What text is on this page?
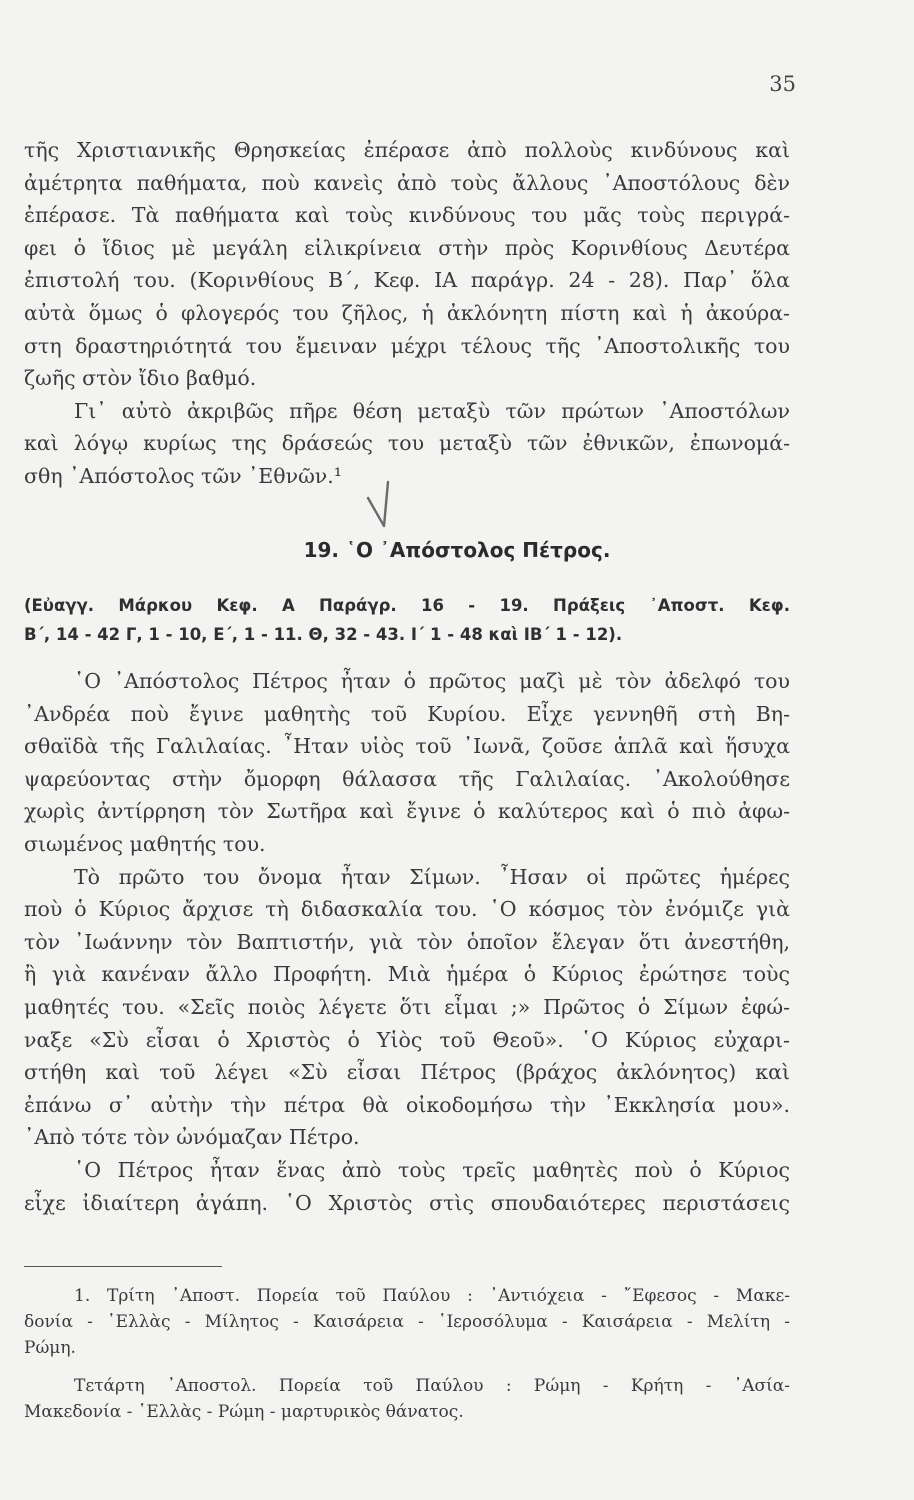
35
τῆς Χριστιανικῆς Θρησκείας ἐπέρασε ἀπὸ πολλοὺς κινδύνους καὶ
ἀμέτρητα παθήματα, ποὺ κανεὶς ἀπὸ τοὺς ἄλλους ᾿Αποστόλους δὲν
ἐπέρασε. Τὰ παθήματα καὶ τοὺς κινδύνους του μᾶς τοὺς περιγρά-
φει ὁ ἴδιος μὲ μεγάλη εἰλικρίνεια στὴν πρὸς Κορινθίους Δευτέρα
ἐπιστολή του. (Κορινθίους Β΄, Κεφ. ΙΑ παράγρ. 24 - 28). Παρ᾿ ὅλα
αὐτὰ ὅμως ὁ φλογερός του ζῆλος, ἡ ἀκλόνητη πίστη καὶ ἡ ἀκούρα-
στη δραστηριότητά του ἔμειναν μέχρι τέλους τῆς ᾿Αποστολικῆς του
ζωῆς στὸν ἴδιο βαθμό.
Γι᾿ αὐτὸ ἀκριβῶς πῆρε θέση μεταξὺ τῶν πρώτων ᾿Αποστόλων
καὶ λόγῳ κυρίως της δράσεώς του μεταξὺ τῶν ἐθνικῶν, ἐπωνομά-
σθη ᾿Απόστολος τῶν ᾿Εθνῶν.¹
19. ῾Ο ᾿Απόστολος Πέτρος.
(Εὐαγγ. Μάρκου Κεφ. Α Παράγρ. 16 - 19. Πράξεις ᾿Αποστ. Κεφ.
Β΄, 14 - 42 Γ, 1 - 10, Ε΄, 1 - 11. Θ, 32 - 43. Ι΄ 1 - 48 καὶ ΙΒ΄ 1 - 12).
῾Ο ᾿Απόστολος Πέτρος ἦταν ὁ πρῶτος μαζὶ μὲ τὸν ἀδελφό του
᾿Ανδρέα ποὺ ἔγινε μαθητὴς τοῦ Κυρίου. Εἶχε γεννηθῆ στὴ Βη-
σθαϊδὰ τῆς Γαλιλαίας. ῏Ηταν υἱὸς τοῦ ᾿Ιωνᾶ, ζοῦσε ἁπλᾶ καὶ ἥσυχα
ψαρεύοντας στὴν ὄμορφη θάλασσα τῆς Γαλιλαίας. ᾿Ακολούθησε
χωρὶς ἀντίρρηση τὸν Σωτῆρα καὶ ἔγινε ὁ καλύτερος καὶ ὁ πιὸ ἀφω-
σιωμένος μαθητής του.
Τὸ πρῶτο του ὄνομα ἦταν Σίμων. ῏Ησαν οἱ πρῶτες ἡμέρες
ποὺ ὁ Κύριος ἄρχισε τὴ διδασκαλία του. ῾Ο κόσμος τὸν ἐνόμιζε γιὰ
τὸν ᾿Ιωάννην τὸν Βαπτιστήν, γιὰ τὸν ὁποῖον ἔλεγαν ὅτι ἀνεστήθη,
ἢ γιὰ κανέναν ἄλλο Προφήτη. Μιὰ ἡμέρα ὁ Κύριος ἐρώτησε τοὺς
μαθητές του. «Σεῖς ποιὸς λέγετε ὅτι εἶμαι ;» Πρῶτος ὁ Σίμων ἐφώ-
ναξε «Σὺ εἶσαι ὁ Χριστὸς ὁ Υἱὸς τοῦ Θεοῦ». ῾Ο Κύριος εὐχαρι-
στήθη καὶ τοῦ λέγει «Σὺ εἶσαι Πέτρος (βράχος ἀκλόνητος) καὶ
ἐπάνω σ᾿ αὐτὴν τὴν πέτρα θὰ οἰκοδομήσω τὴν ᾿Εκκλησία μου».
᾿Απὸ τότε τὸν ὠνόμαζαν Πέτρο.
῾Ο Πέτρος ἦταν ἕνας ἀπὸ τοὺς τρεῖς μαθητὲς ποὺ ὁ Κύριος
εἶχε ἰδιαίτερη ἀγάπη. ῾Ο Χριστὸς στὶς σπουδαιότερες περιστάσεις
1. Τρίτη ᾿Αποστ. Πορεία τοῦ Παύλου : ᾿Αντιόχεια - ῎Εφεσος - Μακε-
δονία - ῾Ελλὰς - Μίλητος - Καισάρεια - ῾Ιεροσόλυμα - Καισάρεια - Μελίτη -
Ρώμη.
Τετάρτη ᾿Αποστολ. Πορεία τοῦ Παύλου : Ρώμη - Κρήτη - ᾿Ασία-
Μακεδονία - ῾Ελλὰς - Ρώμη - μαρτυρικὸς θάνατος.
